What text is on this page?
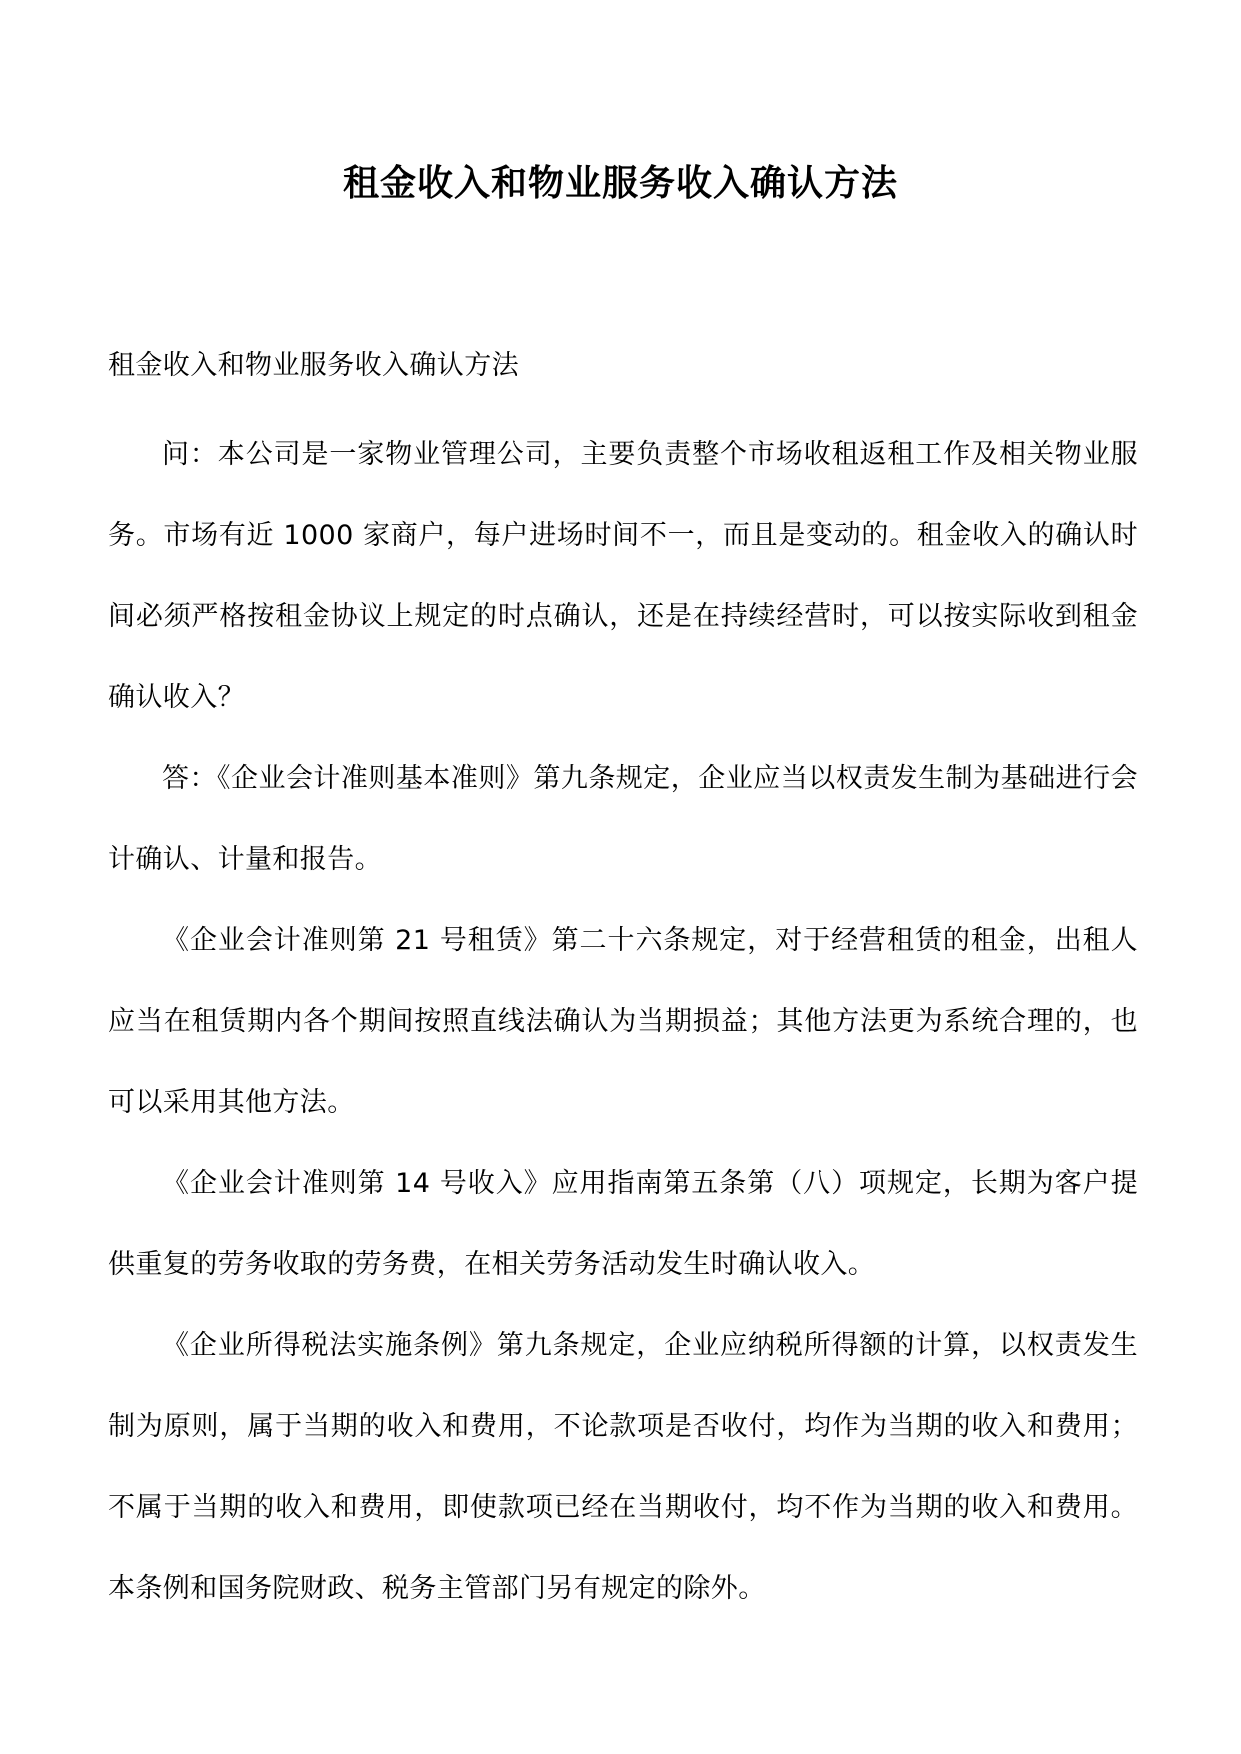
租金收入和物业服务收入确认方法

租金收入和物业服务收入确认方法

问：本公司是一家物业管理公司，主要负责整个市场收租返租工作及相关物业服务。市场有近 1000 家商户，每户进场时间不一，而且是变动的。租金收入的确认时间必须严格按租金协议上规定的时点确认，还是在持续经营时，可以按实际收到租金确认收入？

答：《企业会计准则基本准则》第九条规定，企业应当以权责发生制为基础进行会计确认、计量和报告。

《企业会计准则第 21 号租赁》第二十六条规定，对于经营租赁的租金，出租人应当在租赁期内各个期间按照直线法确认为当期损益；其他方法更为系统合理的，也可以采用其他方法。

《企业会计准则第 14 号收入》应用指南第五条第（八）项规定，长期为客户提供重复的劳务收取的劳务费，在相关劳务活动发生时确认收入。

《企业所得税法实施条例》第九条规定，企业应纳税所得额的计算，以权责发生制为原则，属于当期的收入和费用，不论款项是否收付，均作为当期的收入和费用；不属于当期的收入和费用，即使款项已经在当期收付，均不作为当期的收入和费用。本条例和国务院财政、税务主管部门另有规定的除外。
